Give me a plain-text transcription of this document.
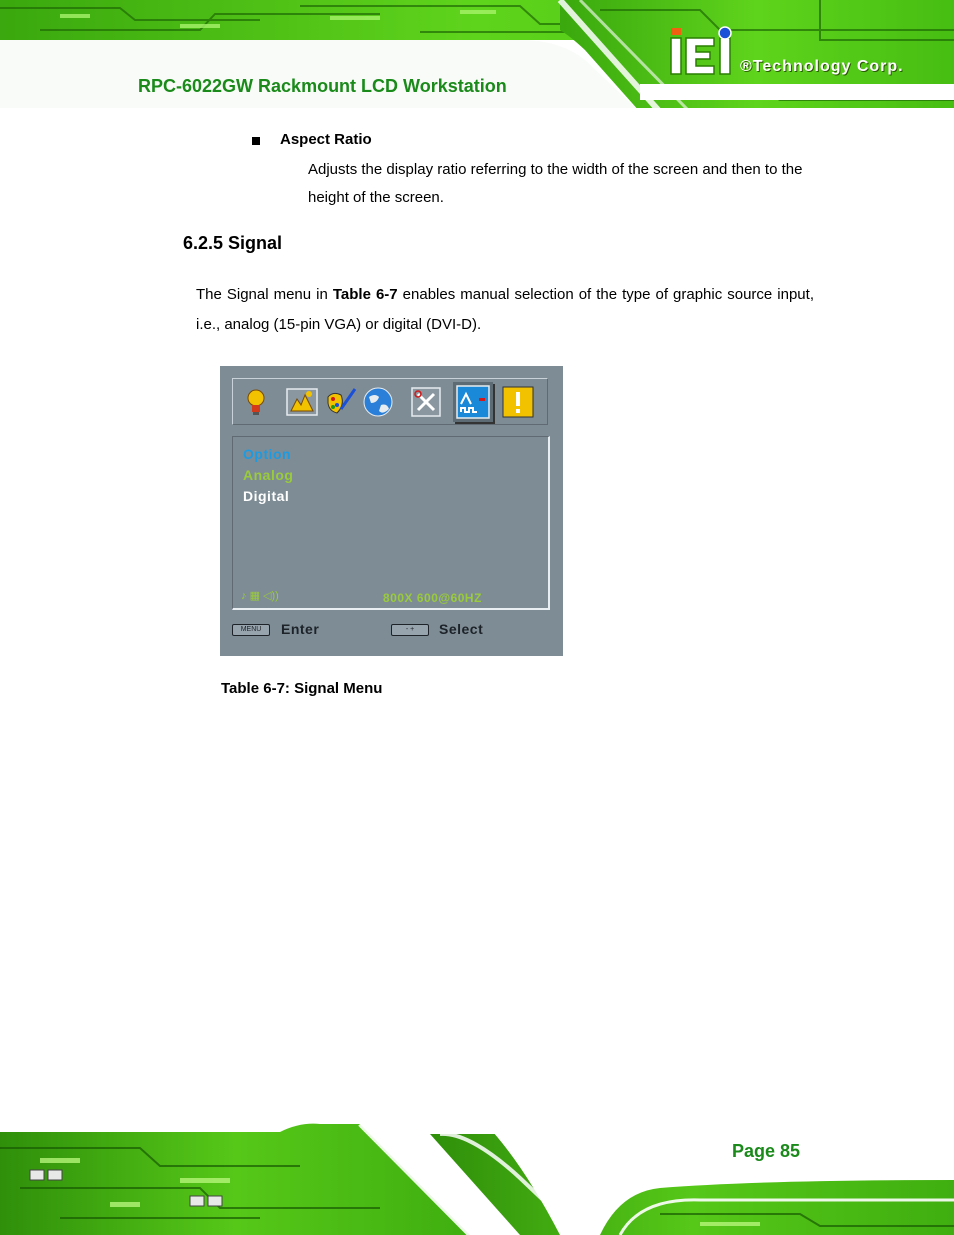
®Technology Corp.
RPC-6022GW Rackmount LCD Workstation
Aspect Ratio
Adjusts the display ratio referring to the width of the screen and then to the height of the screen.
6.2.5 Signal
The Signal menu in Table 6-7 enables manual selection of the type of graphic source input, i.e., analog (15-pin VGA) or digital (DVI-D).
Option
Analog
Digital
♪ ▦ ◁))	800X 600@60HZ
MENU	Enter	- +	Select
Table 6-7: Signal Menu
Page 85
